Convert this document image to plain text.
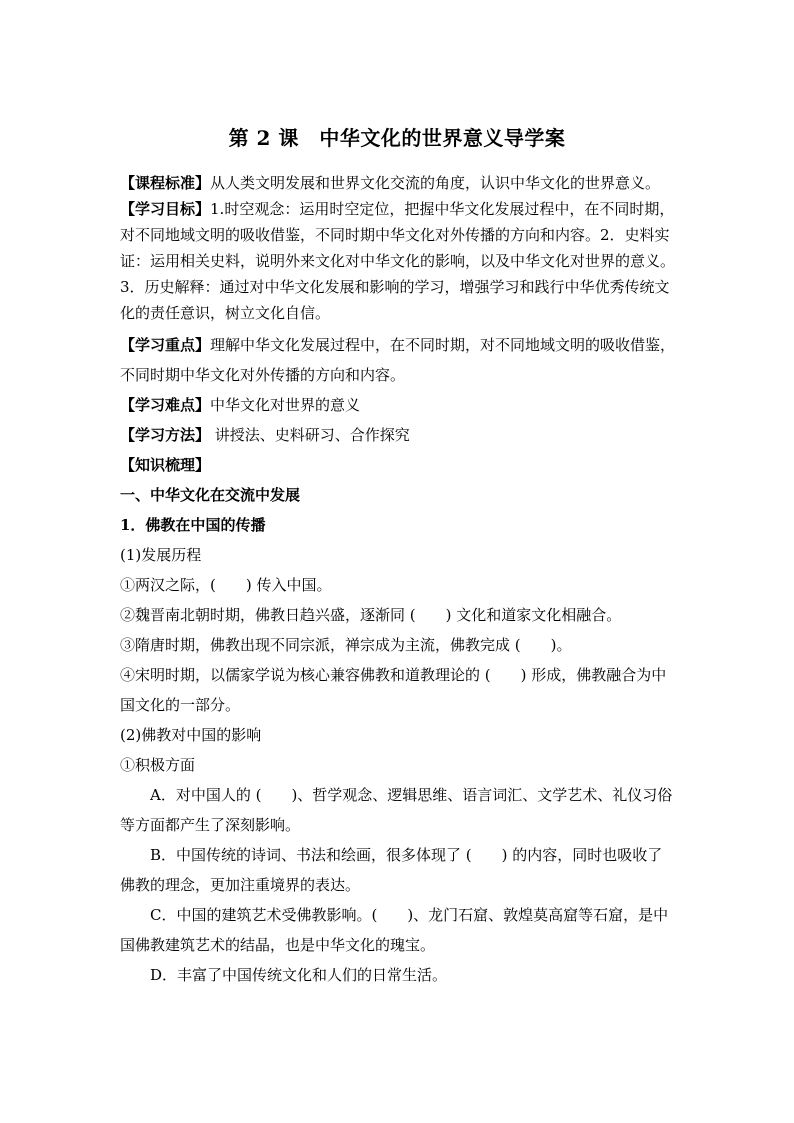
第 2 课　中华文化的世界意义导学案

【课程标准】从人类文明发展和世界文化交流的角度，认识中华文化的世界意义。

【学习目标】1.时空观念：运用时空定位，把握中华文化发展过程中，在不同时期，对不同地域文明的吸收借鉴，不同时期中华文化对外传播的方向和内容。2．史料实证：运用相关史料，说明外来文化对中华文化的影响，以及中华文化对世界的意义。3．历史解释：通过对中华文化发展和影响的学习，增强学习和践行中华优秀传统文化的责任意识，树立文化自信。

【学习重点】理解中华文化发展过程中，在不同时期，对不同地域文明的吸收借鉴，不同时期中华文化对外传播的方向和内容。

【学习难点】中华文化对世界的意义

【学习方法】 讲授法、史料研习、合作探究

【知识梳理】

一、中华文化在交流中发展

1．佛教在中国的传播

(1)发展历程

①两汉之际，(　　) 传入中国。

②魏晋南北朝时期，佛教日趋兴盛，逐渐同 (　　) 文化和道家文化相融合。

③隋唐时期，佛教出现不同宗派，禅宗成为主流，佛教完成 (　　)。

④宋明时期，以儒家学说为核心兼容佛教和道教理论的 (　　) 形成，佛教融合为中国文化的一部分。

(2)佛教对中国的影响

①积极方面

A．对中国人的 (　　)、哲学观念、逻辑思维、语言词汇、文学艺术、礼仪习俗等方面都产生了深刻影响。

B．中国传统的诗词、书法和绘画，很多体现了 (　　) 的内容，同时也吸收了佛教的理念，更加注重境界的表达。

C．中国的建筑艺术受佛教影响。(　　)、龙门石窟、敦煌莫高窟等石窟，是中国佛教建筑艺术的结晶，也是中华文化的瑰宝。

D．丰富了中国传统文化和人们的日常生活。
